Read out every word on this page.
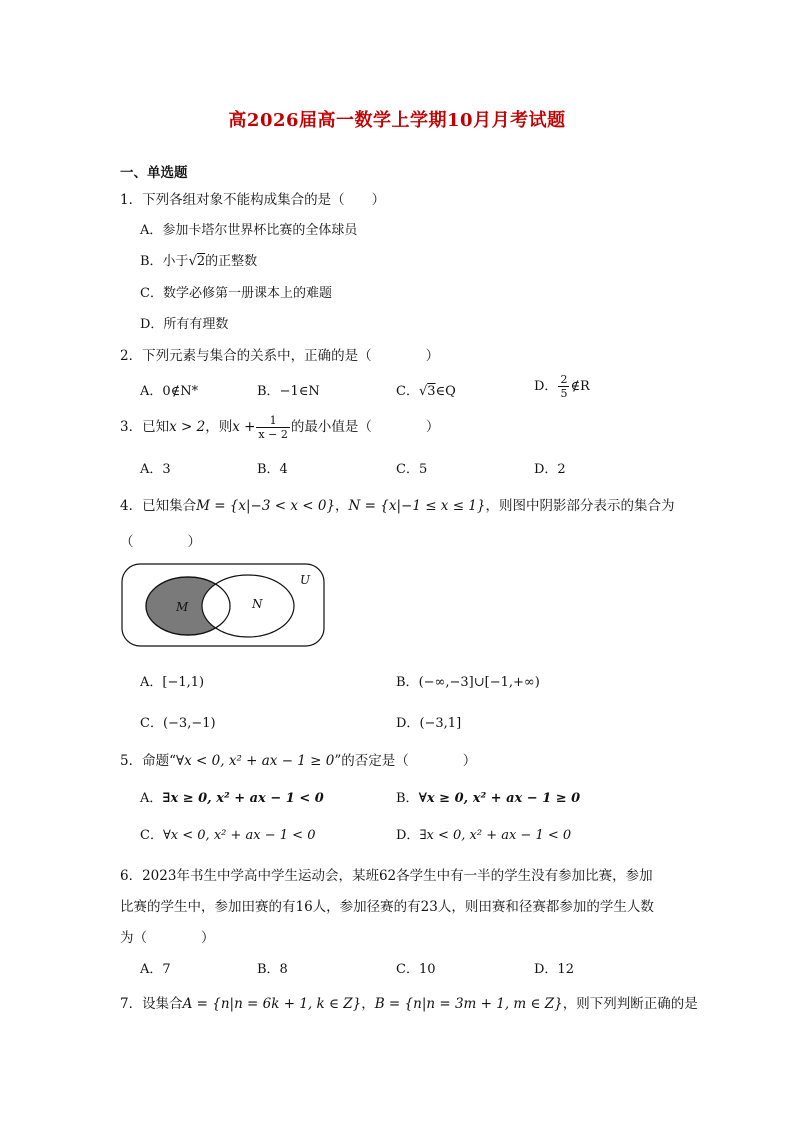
高2026届高一数学上学期10月月考试题
一、单选题
1．下列各组对象不能构成集合的是（　　）
A．参加卡塔尔世界杯比赛的全体球员
B．小于√2的正整数
C．数学必修第一册课本上的难题
D．所有有理数
2．下列元素与集合的关系中，正确的是（　　　　）
A．0∉N*	B．−1∈N	C．√3∈Q	D． $\frac{2}{5}$ ∉R
3．已知x > 2，则$x + \frac{1}{x - 2}$ 的最小值是（　　　　）
A．3	B．4	C．5	D．2
4．已知集合M = {x|−3 < x < 0}，N = {x|−1 ≤ x ≤ 1}，则图中阴影部分表示的集合为
（　　　　）
M	N
U
A．[−1,1)	B．(−∞,−3]∪[−1,+∞)
C．(−3,−1)	D．(−3,1]
5．命题“∀x < 0, x² + ax − 1 ≥ 0”的否定是（　　　　）
A．∃x ≥ 0, x² + ax − 1 < 0	B．∀x ≥ 0, x² + ax − 1 ≥ 0
C．∀x < 0, x² + ax − 1 < 0	D．∃x < 0, x² + ax − 1 < 0
6．2023年书生中学高中学生运动会，某班62各学生中有一半的学生没有参加比赛，参加
比赛的学生中，参加田赛的有16人，参加径赛的有23人，则田赛和径赛都参加的学生人数
为（　　　　）
A．7	B．8	C．10	D．12
7．设集合A = {n|n = 6k + 1, k ∈ Z}，B = {n|n = 3m + 1, m ∈ Z}，则下列判断正确的是
